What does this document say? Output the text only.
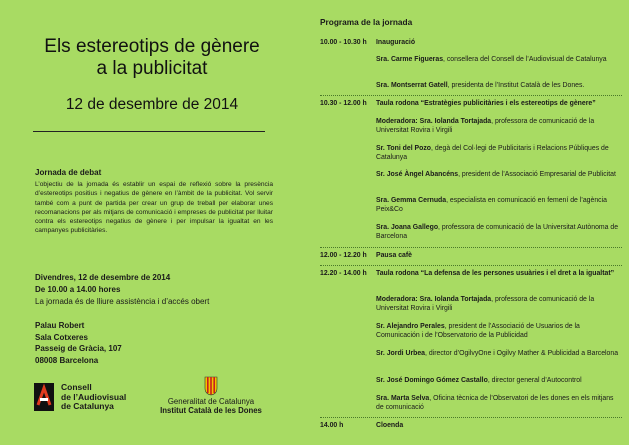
Els estereotips de gènere
a la publicitat
12 de desembre de 2014
Jornada de debat
L’objectiu de la jornada és establir un espai de reflexió sobre la presència d’estereotips positius i negatius de gènere en l’àmbit de la publicitat. Vol servir també com a punt de partida per crear un grup de treball per elaborar unes recomanacions per als mitjans de comunicació i empreses de publicitat per lluitar contra els estereotips negatius de gènere i per impulsar la igualtat en les campanyes publicitàries.
Divendres, 12 de desembre de 2014
De 10.00 a 14.00 hores
La jornada és de lliure assistència i d’accés obert
Palau Robert
Sala Cotxeres
Passeig de Gràcia, 107
08008 Barcelona
Consell
de l’Audiovisual
de Catalunya	Generalitat de Catalunya
Institut Català de les Dones
Programa de la jornada
10.00 - 10.30 h	Inauguració
Sra. Carme Figueras, consellera del Consell de l’Audiovisual de Catalunya
Sra. Montserrat Gatell, presidenta de l’Institut Català de les Dones.
10.30 - 12.00 h	Taula rodona “Estratègies publicitàries i els estereotips de gènere”
Moderadora: Sra. Iolanda Tortajada, professora de comunicació de la Universitat Rovira i Virgili
Sr. Toni del Pozo, degà del Col·legi de Publicitaris i Relacions Públiques de Catalunya
Sr. José Àngel Abancéns, president de l’Associació Empresarial de Publicitat
Sra. Gemma Cernuda, especialista en comunicació en femení de l’agència Peix&Co
Sra. Joana Gallego, professora de comunicació de la Universitat Autònoma de Barcelona
12.00 - 12.20 h	Pausa cafè
12.20 - 14.00 h	Taula rodona “La defensa de les persones usuàries i el dret a la igualtat”
Moderadora: Sra. Iolanda Tortajada, professora de comunicació de la Universitat Rovira i Virgili
Sr. Alejandro Perales, president de l’Associació de Usuarios de la Comunicación i de l’Observatorio de la Publicidad
Sr. Jordi Urbea, director d’OgilvyOne i Ogilvy Mather & Publicidad a Barcelona
Sr. José Domingo Gómez Castallo, director general d’Autocontrol
Sra. Marta Selva, Oficina tècnica de l’Observatori de les dones en els mitjans de comunicació
14.00 h	Cloenda
